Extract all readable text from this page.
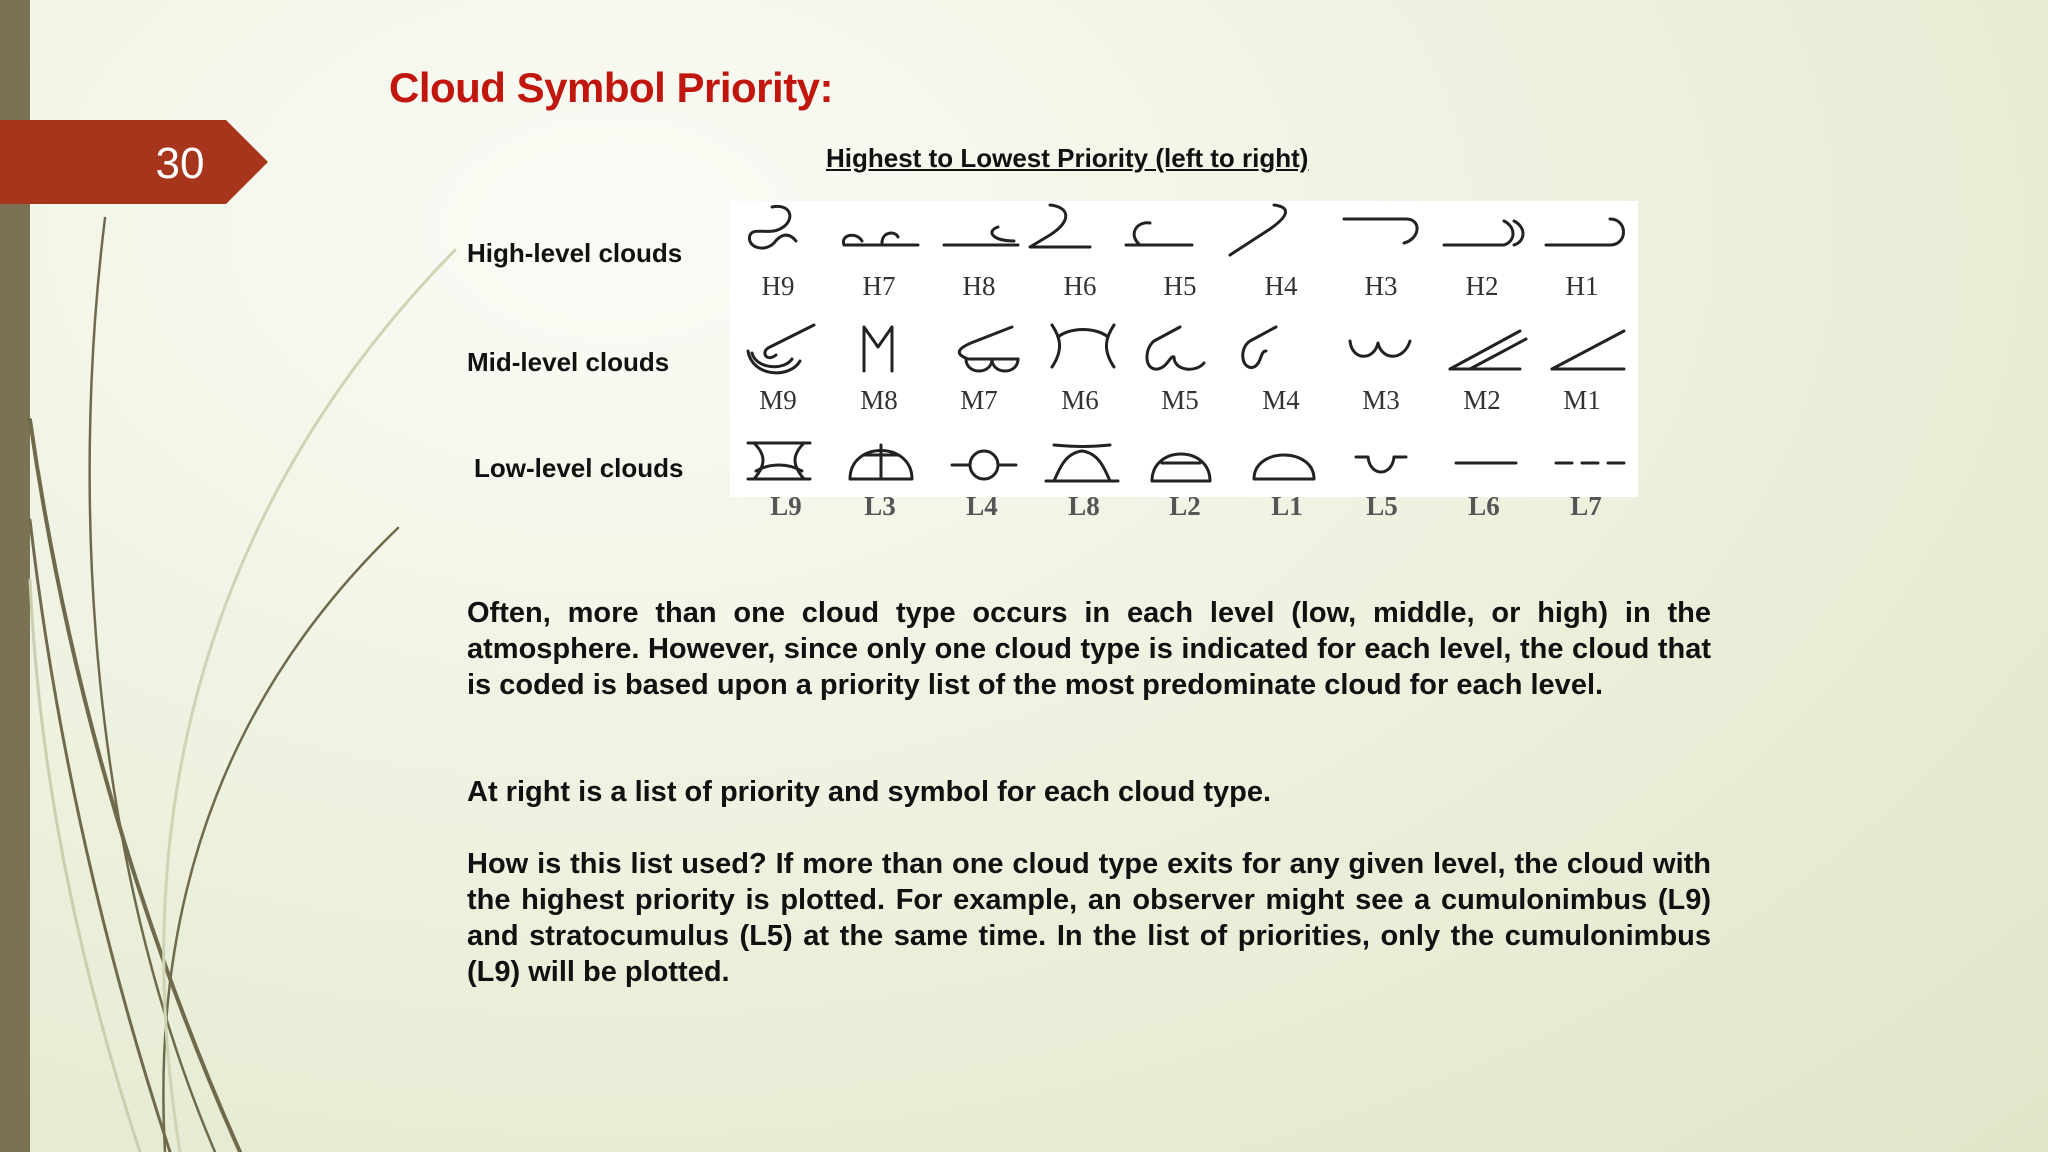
30
Cloud Symbol Priority:
Highest to Lowest Priority (left to right)
High-level clouds
Mid-level clouds
Low-level clouds
H9	H7	H8	H6	H5	H4	H3	H2	H1
M9	M8	M7	M6	M5	M4	M3	M2	M1
L9	L3	L4	L8	L2	L1	L5	L6	L7

Often, more than one cloud type occurs in each level (low, middle, or high) in the atmosphere. However, since only one cloud type is indicated for each level, the cloud that is coded is based upon a priority list of the most predominate cloud for each level.

At right is a list of priority and symbol for each cloud type.

How is this list used? If more than one cloud type exits for any given level, the cloud with the highest priority is plotted. For example, an observer might see a cumulonimbus (L9) and stratocumulus (L5) at the same time. In the list of priorities, only the cumulonimbus (L9) will be plotted.
